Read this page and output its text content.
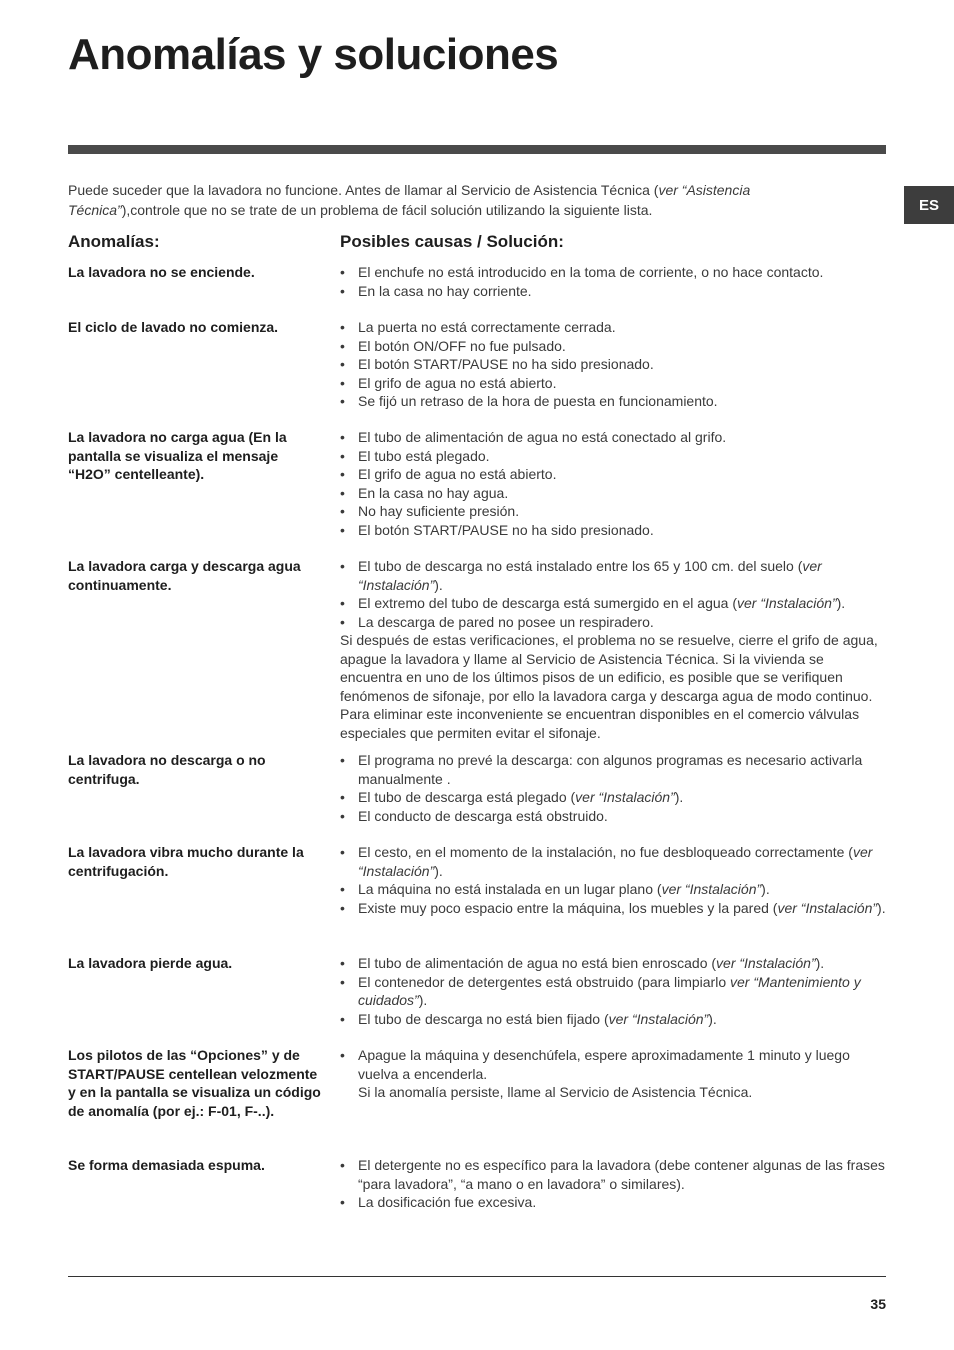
Anomalías y soluciones
ES

Puede suceder que la lavadora no funcione. Antes de llamar al Servicio de Asistencia Técnica (ver “Asistencia Técnica”),controle que no se trate de un problema de fácil solución utilizando la siguiente lista.

Anomalías:	Posibles causas / Solución:
La lavadora no se enciende.	• El enchufe no está introducido en la toma de corriente, o no hace contacto.
• En la casa no hay corriente.
El ciclo de lavado no comienza.	• La puerta no está correctamente cerrada.
• El botón ON/OFF no fue pulsado.
• El botón START/PAUSE no ha sido presionado.
• El grifo de agua no está abierto.
• Se fijó un retraso de la hora de puesta en funcionamiento.
La lavadora no carga agua (En la pantalla se visualiza el mensaje “H2O” centelleante).
• El tubo de alimentación de agua no está conectado al grifo.
• El tubo está plegado.
• El grifo de agua no está abierto.
• En la casa no hay agua.
• No hay suficiente presión.
• El botón START/PAUSE no ha sido presionado.
La lavadora carga y descarga agua continuamente.
• El tubo de descarga no está instalado entre los 65 y 100 cm. del suelo (ver “Instalación”).
• El extremo del tubo de descarga está sumergido en el agua (ver “Instalación”).
• La descarga de pared no posee un respiradero.
Si después de estas verificaciones, el problema no se resuelve, cierre el grifo de agua, apague la lavadora y llame al Servicio de Asistencia Técnica. Si la vivienda se encuentra en uno de los últimos pisos de un edificio, es posible que se verifiquen fenómenos de sifonaje, por ello la lavadora carga y descarga agua de modo continuo. Para eliminar este inconveniente se encuentran disponibles en el comercio válvulas especiales que permiten evitar el sifonaje.
La lavadora no descarga o no centrifuga.
• El programa no prevé la descarga: con algunos programas es necesario activarla manualmente .
• El tubo de descarga está plegado (ver “Instalación”).
• El conducto de descarga está obstruido.
La lavadora vibra mucho durante la centrifugación.
• El cesto, en el momento de la instalación, no fue desbloqueado correctamente (ver “Instalación”).
• La máquina no está instalada en un lugar plano (ver “Instalación”).
• Existe muy poco espacio entre la máquina, los muebles y la pared (ver “Instalación”).
La lavadora pierde agua.	• El tubo de alimentación de agua no está bien enroscado (ver “Instalación”).
• El contenedor de detergentes está obstruido (para limpiarlo ver “Mantenimiento y cuidados”).
• El tubo de descarga no está bien fijado (ver “Instalación”).
Los pilotos de las “Opciones” y de START/PAUSE centellean velozmente y en la pantalla se visualiza un código de anomalía (por ej.: F-01, F-..).
• Apague la máquina y desenchúfela, espere aproximadamente 1 minuto y luego vuelva a encenderla.
Si la anomalía persiste, llame al Servicio de Asistencia Técnica.
Se forma demasiada espuma.	• El detergente no es específico para la lavadora (debe contener algunas de las frases “para lavadora”, “a mano o en lavadora” o similares).
• La dosificación fue excesiva.
35
